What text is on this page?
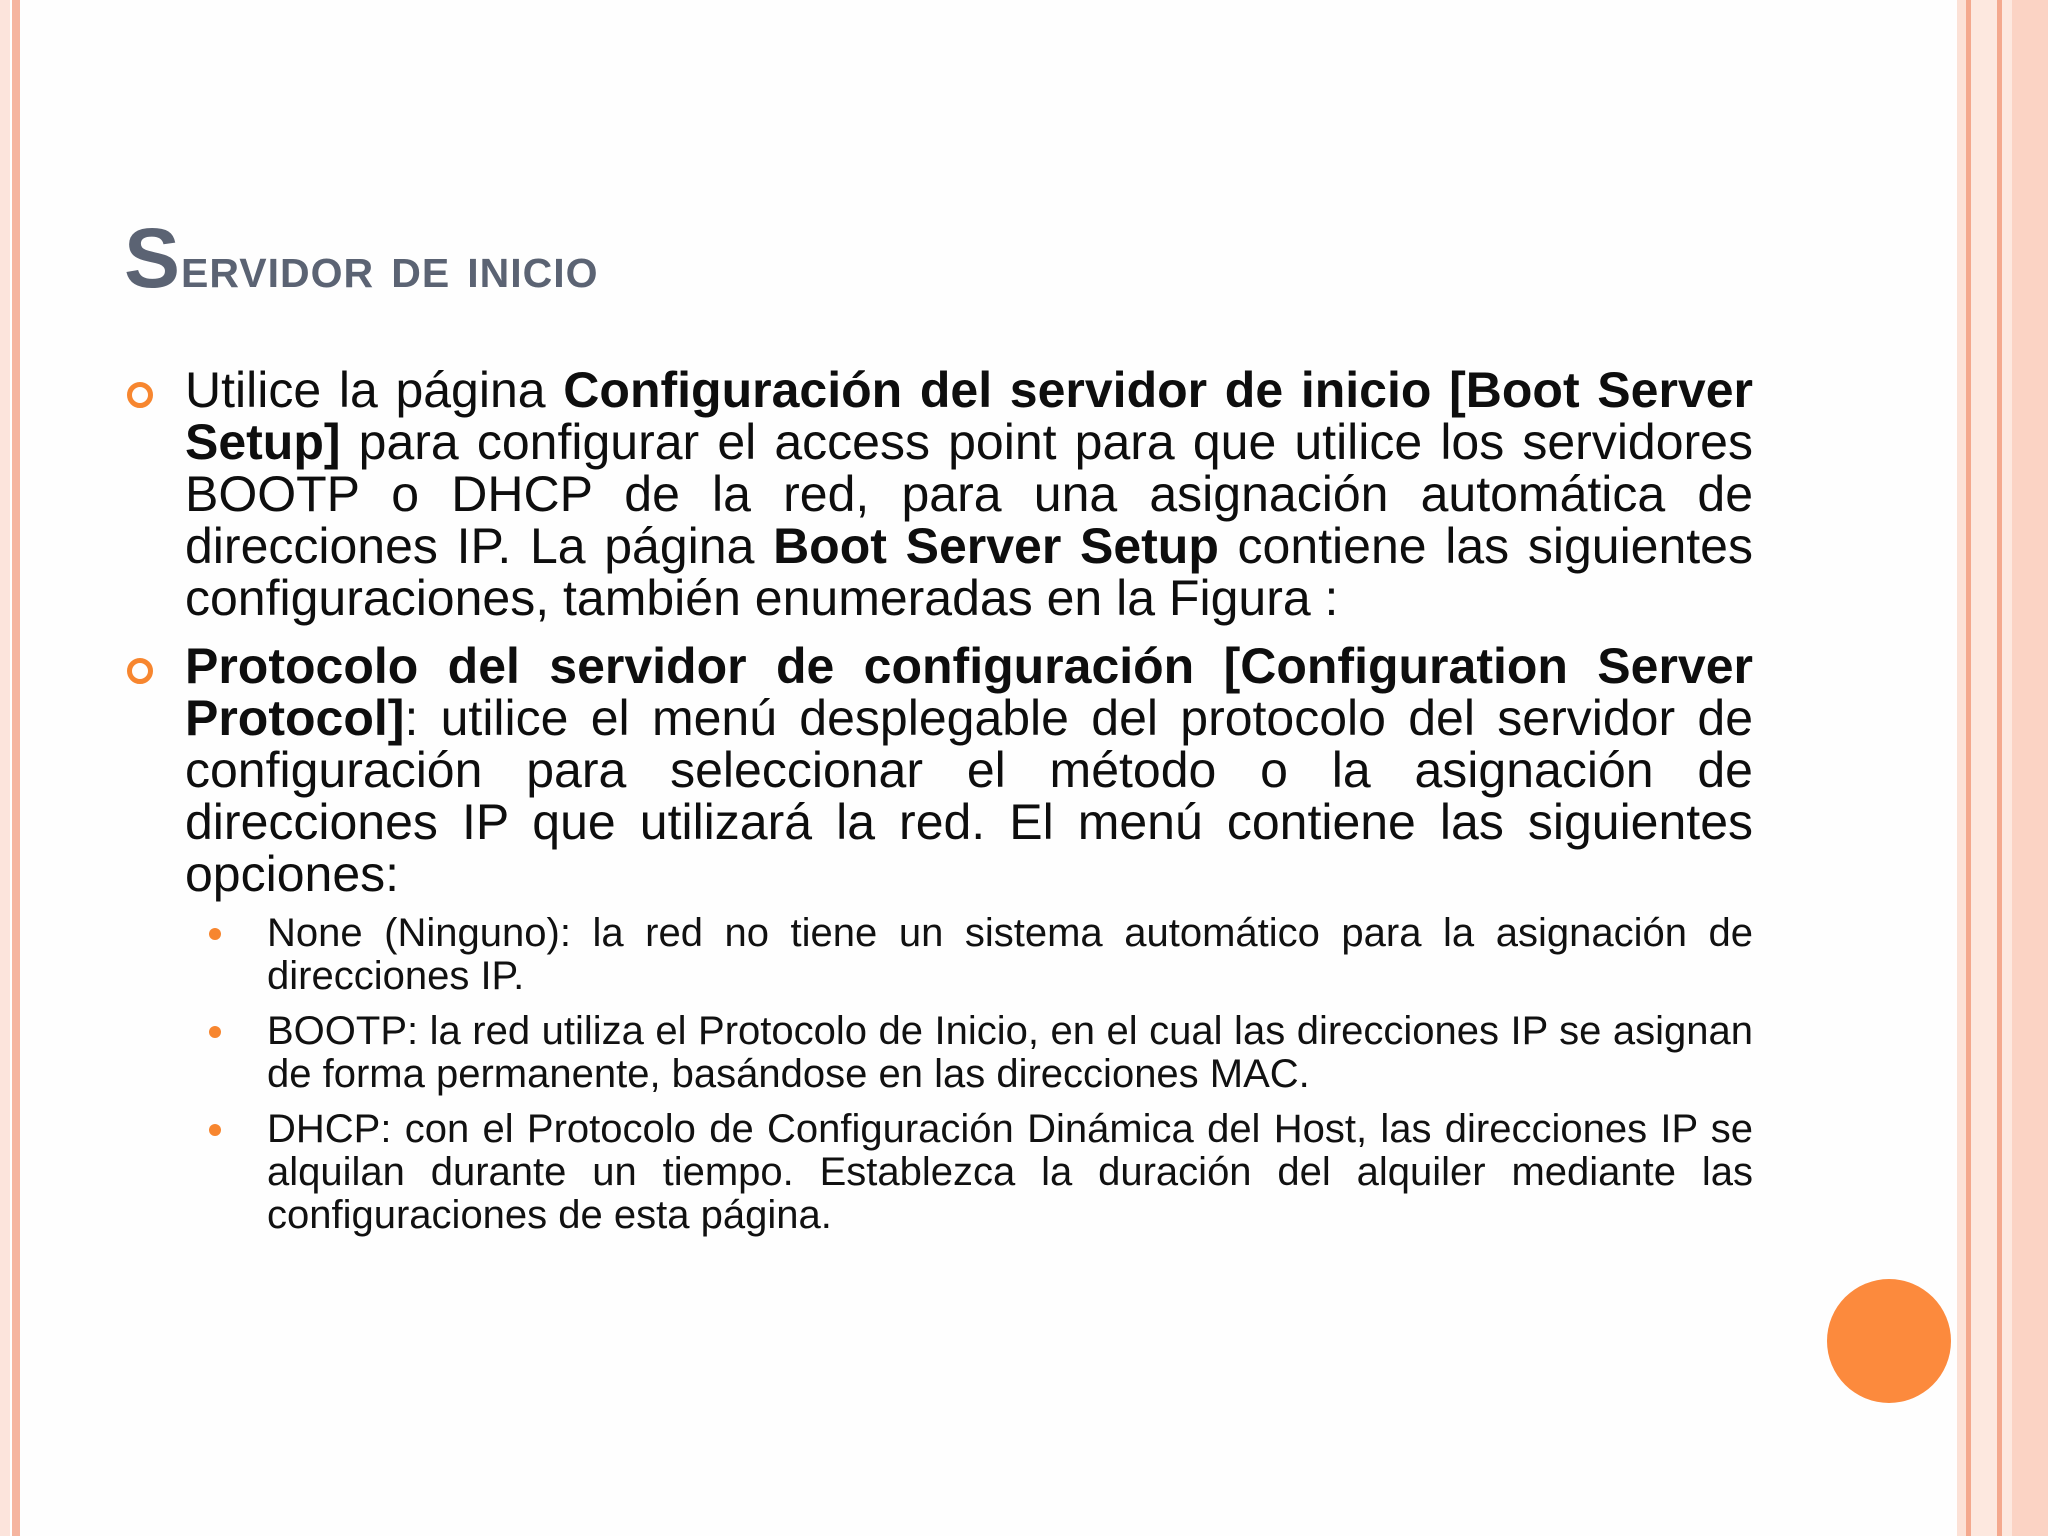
Servidor de inicio
Utilice la página Configuración del servidor de inicio [Boot Server Setup] para configurar el access point para que utilice los servidores BOOTP o DHCP de la red, para una asignación automática de direcciones IP. La página Boot Server Setup contiene las siguientes configuraciones, también enumeradas en la Figura :
Protocolo del servidor de configuración [Configuration Server Protocol]: utilice el menú desplegable del protocolo del servidor de configuración para seleccionar el método o la asignación de direcciones IP que utilizará la red. El menú contiene las siguientes opciones:
None (Ninguno): la red no tiene un sistema automático para la asignación de direcciones IP.
BOOTP: la red utiliza el Protocolo de Inicio, en el cual las direcciones IP se asignan de forma permanente, basándose en las direcciones MAC.
DHCP: con el Protocolo de Configuración Dinámica del Host, las direcciones IP se alquilan durante un tiempo. Establezca la duración del alquiler mediante las configuraciones de esta página.
